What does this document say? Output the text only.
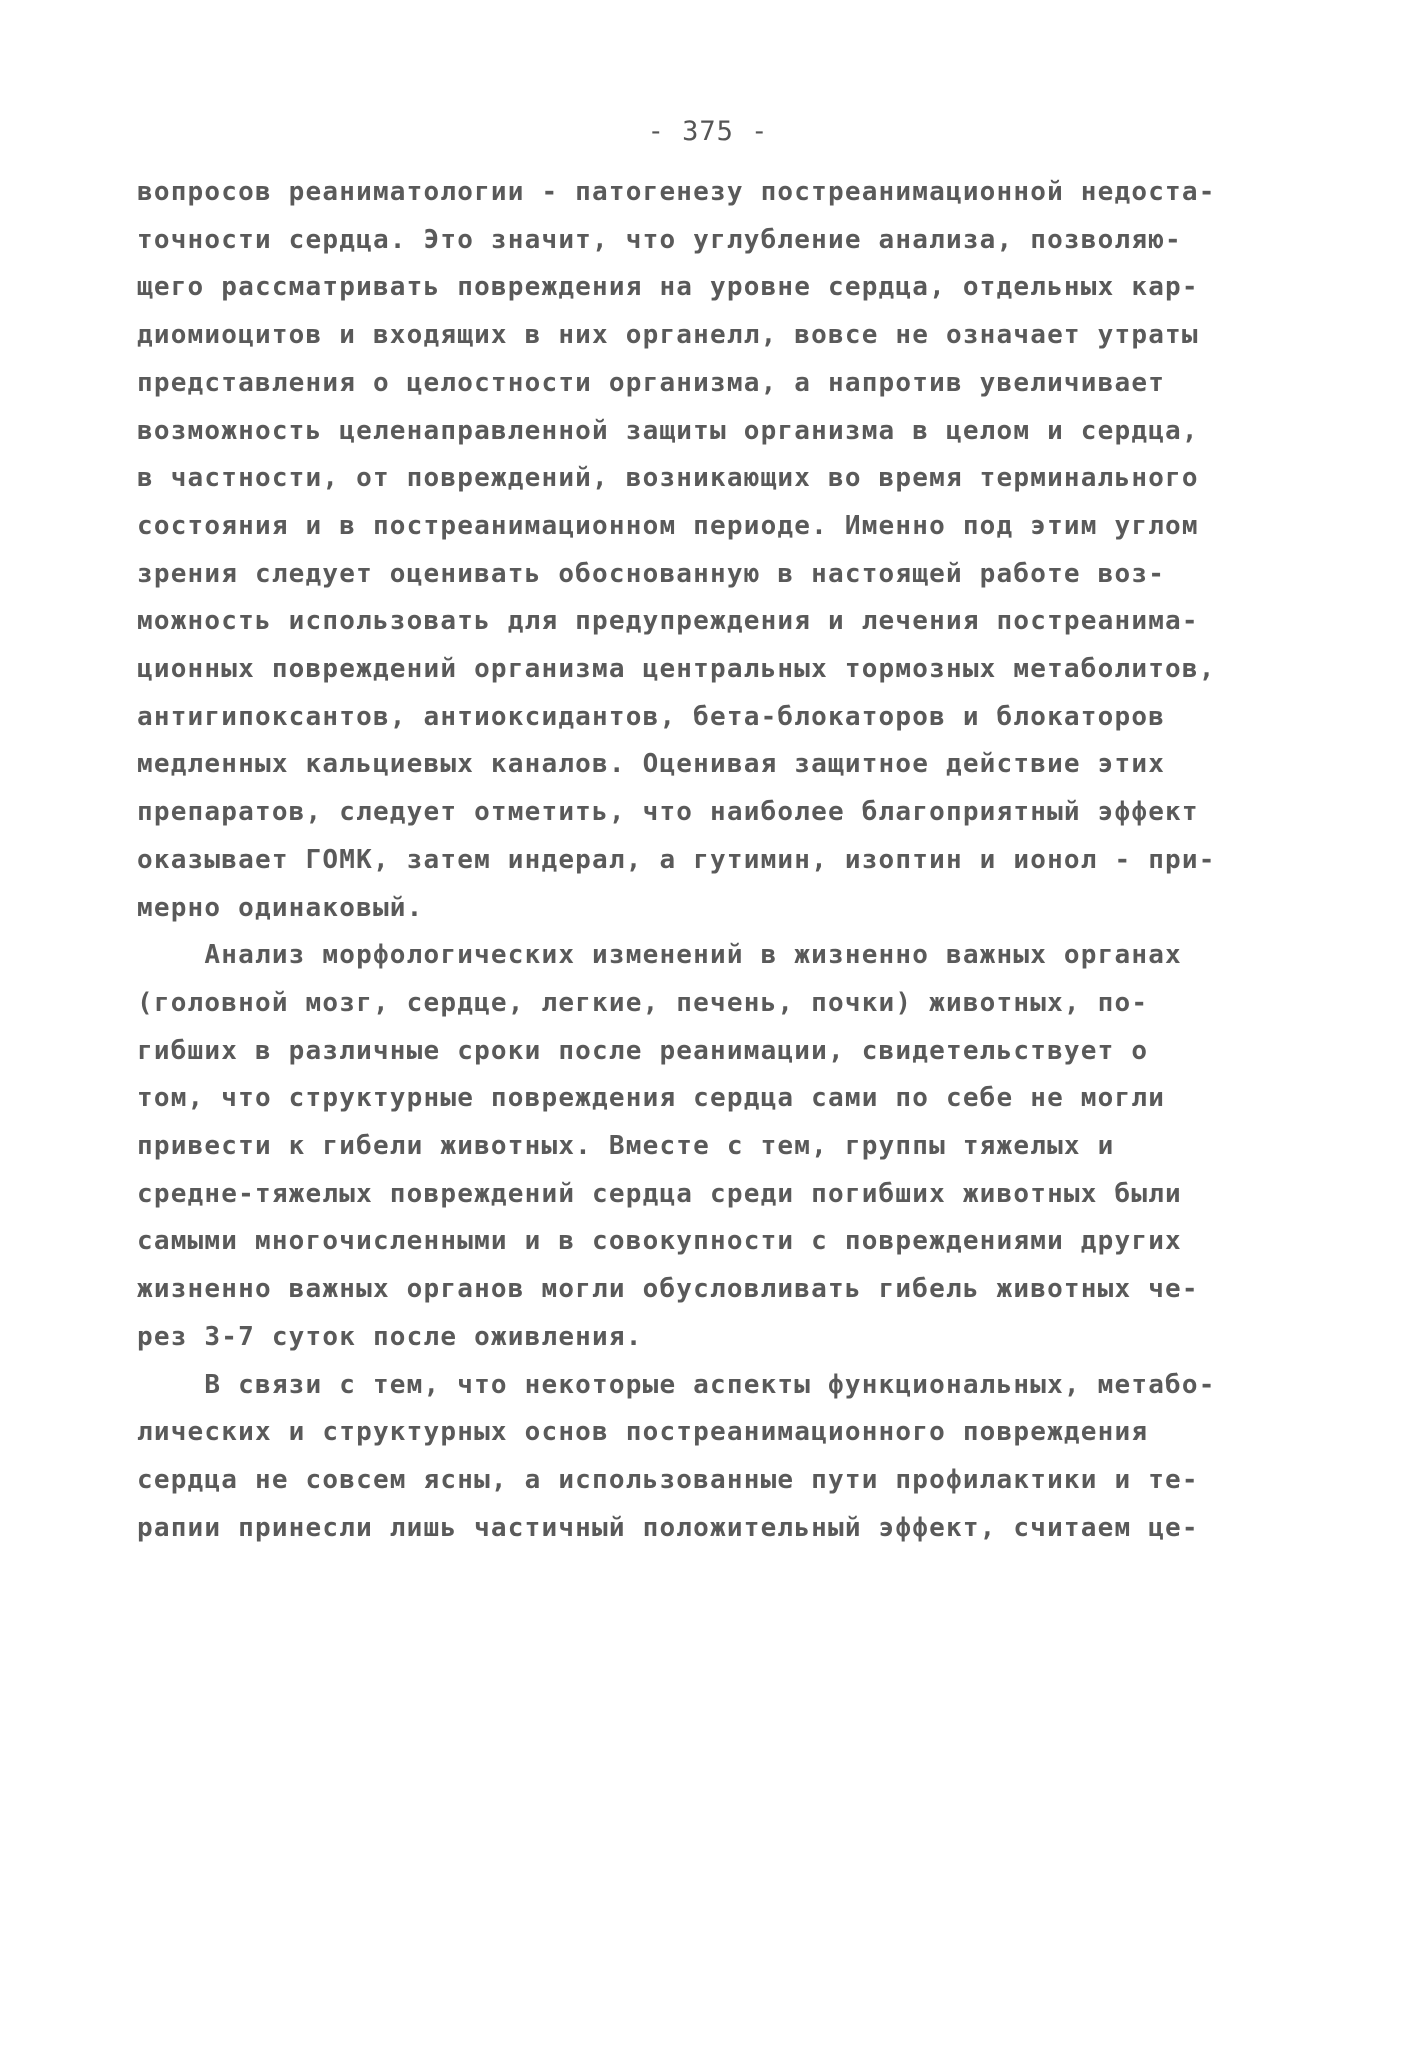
- 375 -
вопросов реаниматологии - патогенезу постреанимационной недоста-
точности сердца. Это значит, что углубление анализа, позволяю-
щего рассматривать повреждения на уровне сердца, отдельных кар-
диомиоцитов и входящих в них органелл, вовсе не означает утраты
представления о целостности организма, а напротив увеличивает
возможность целенаправленной защиты организма в целом и сердца,
в частности, от повреждений, возникающих во время терминального
состояния и в постреанимационном периоде. Именно под этим углом
зрения следует оценивать обоснованную в настоящей работе воз-
можность использовать для предупреждения и лечения постреанима-
ционных повреждений организма центральных тормозных метаболитов,
антигипоксантов, антиоксидантов, бета-блокаторов и блокаторов
медленных кальциевых каналов. Оценивая защитное действие этих
препаратов, следует отметить, что наиболее благоприятный эффект
оказывает ГОМК, затем индерал, а гутимин, изоптин и ионол - при-
мерно одинаковый.
Анализ морфологических изменений в жизненно важных органах
(головной мозг, сердце, легкие, печень, почки) животных, по-
гибших в различные сроки после реанимации, свидетельствует о
том, что структурные повреждения сердца сами по себе не могли
привести к гибели животных. Вместе с тем, группы тяжелых и
средне-тяжелых повреждений сердца среди погибших животных были
самыми многочисленными и в совокупности с повреждениями других
жизненно важных органов могли обусловливать гибель животных че-
рез 3-7 суток после оживления.
В связи с тем, что некоторые аспекты функциональных, метабо-
лических и структурных основ постреанимационного повреждения
сердца не совсем ясны, а использованные пути профилактики и те-
рапии принесли лишь частичный положительный эффект, считаем це-
